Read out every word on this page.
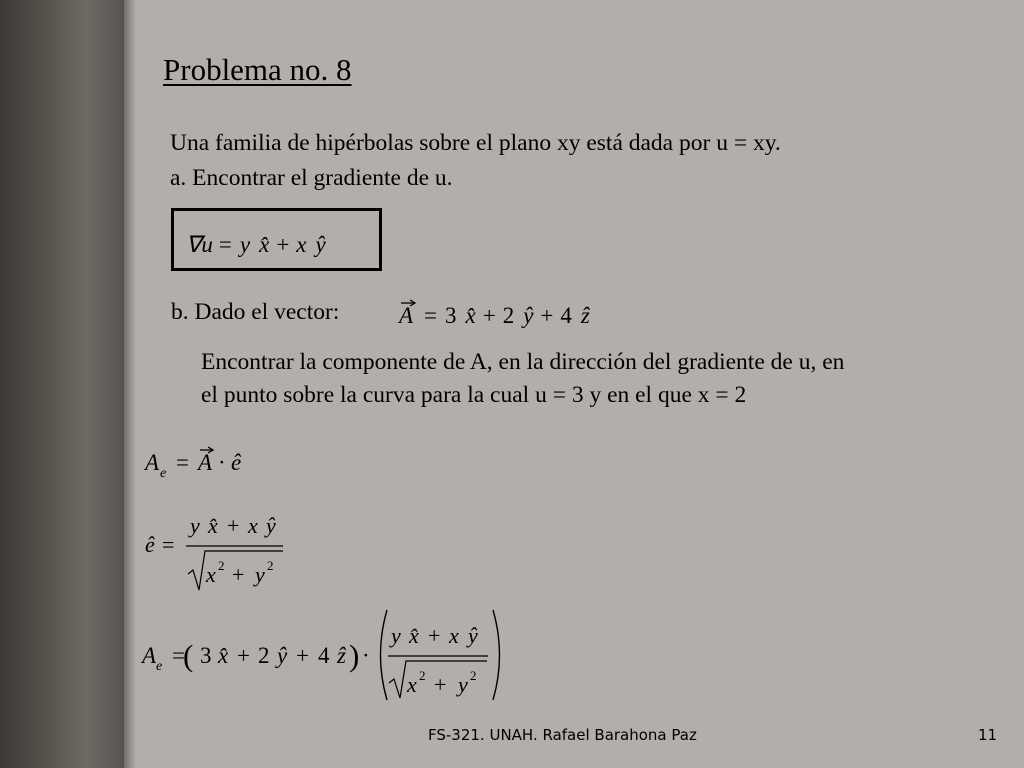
Problema no. 8
Una familia de hipérbolas sobre el plano xy está dada por u = xy.
a. Encontrar el gradiente de u.
b. Dado el vector:
Encontrar la componente de A, en la dirección del gradiente de u, en
el punto sobre la curva para la cual u = 3 y en el que x = 2
∇u = y x̂ + x ŷ
A = 3 x̂ + 2 ŷ + 4 ẑ
A e = A · ê
ê =
y x̂ + x ŷ
x 2 + y 2
A e =
( 3 x̂ + 2 ŷ + 4 ẑ ) ·
y x̂ + x ŷ
x 2 + y 2
FS-321. UNAH. Rafael Barahona Paz	11
